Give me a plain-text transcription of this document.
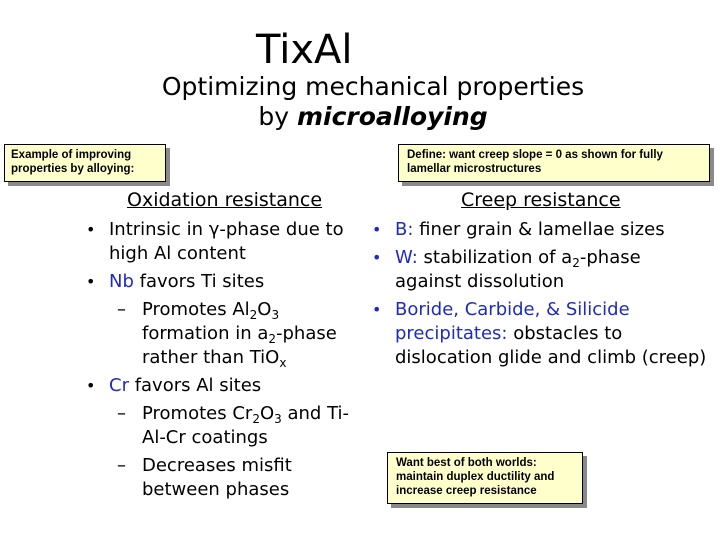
TixAl
Optimizing mechanical properties
by microalloying
Example of improving
properties by alloying:
Define: want creep slope = 0 as shown for fully
lamellar microstructures
Oxidation resistance	Creep resistance
• Intrinsic in γ-phase due to high Al content
• Nb favors Ti sites
– Promotes $Al_2O_3$ formation in $a_2$-phase rather than TiO$_x$
• Cr favors Al sites
– Promotes $Cr_2O_3$ and Ti-Al-Cr coatings
– Decreases misfit between phases
• B: finer grain & lamellae sizes
• W: stabilization of $a_2$-phase against dissolution
• Boride, Carbide, & Silicide precipitates: obstacles to dislocation glide and climb (creep)
Want best of both worlds:
maintain duplex ductility and
increase creep resistance
